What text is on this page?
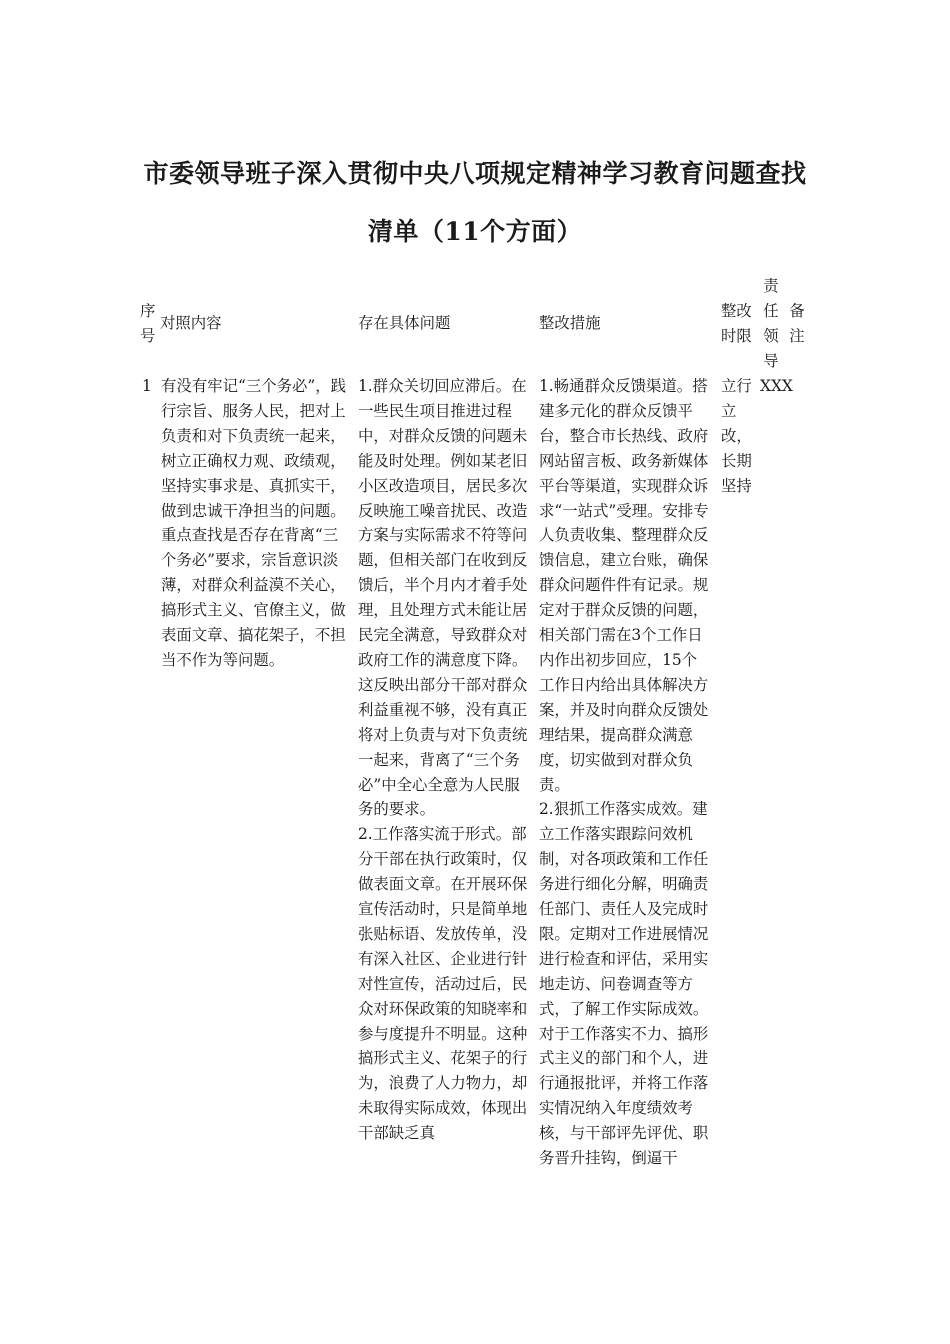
市委领导班子深入贯彻中央八项规定精神学习教育问题查找清单（11个方面）
序号
对照内容	存在具体问题	整改措施
整改时限
责任领导
备注
1 有没有牢记“三个务必”，践行宗旨、服务人民，把对上负责和对下负责统一起来，树立正确权力观、政绩观，坚持实事求是、真抓实干，做到忠诚干净担当的问题。重点查找是否存在背离“三个务必”要求，宗旨意识淡薄，对群众利益漠不关心，搞形式主义、官僚主义，做表面文章、搞花架子，不担当不作为等问题。

1.群众关切回应滞后。在一些民生项目推进过程中，对群众反馈的问题未能及时处理。例如某老旧小区改造项目，居民多次反映施工噪音扰民、改造方案与实际需求不符等问题，但相关部门在收到反馈后，半个月内才着手处理，且处理方式未能让居民完全满意，导致群众对政府工作的满意度下降。这反映出部分干部对群众利益重视不够，没有真正将对上负责与对下负责统一起来，背离了“三个务必”中全心全意为人民服务的要求。

2.工作落实流于形式。部分干部在执行政策时，仅做表面文章。在开展环保宣传活动时，只是简单地张贴标语、发放传单，没有深入社区、企业进行针对性宣传，活动过后，民众对环保政策的知晓率和参与度提升不明显。这种搞形式主义、花架子的行为，浪费了人力物力，却未取得实际成效，体现出干部缺乏真

1.畅通群众反馈渠道。搭建多元化的群众反馈平台，整合市长热线、政府网站留言板、政务新媒体平台等渠道，实现群众诉求“一站式”受理。安排专人负责收集、整理群众反馈信息，建立台账，确保群众问题件件有记录。规定对于群众反馈的问题，相关部门需在3个工作日内作出初步回应，15个工作日内给出具体解决方案，并及时向群众反馈处理结果，提高群众满意度，切实做到对群众负责。

2.狠抓工作落实成效。建立工作落实跟踪问效机制，对各项政策和工作任务进行细化分解，明确责任部门、责任人及完成时限。定期对工作进展情况进行检查和评估，采用实地走访、问卷调查等方式，了解工作实际成效。对于工作落实不力、搞形式主义的部门和个人，进行通报批评，并将工作落实情况纳入年度绩效考核，与干部评先评优、职务晋升挂钩，倒逼干

立行立改，长期坚持
XXX
